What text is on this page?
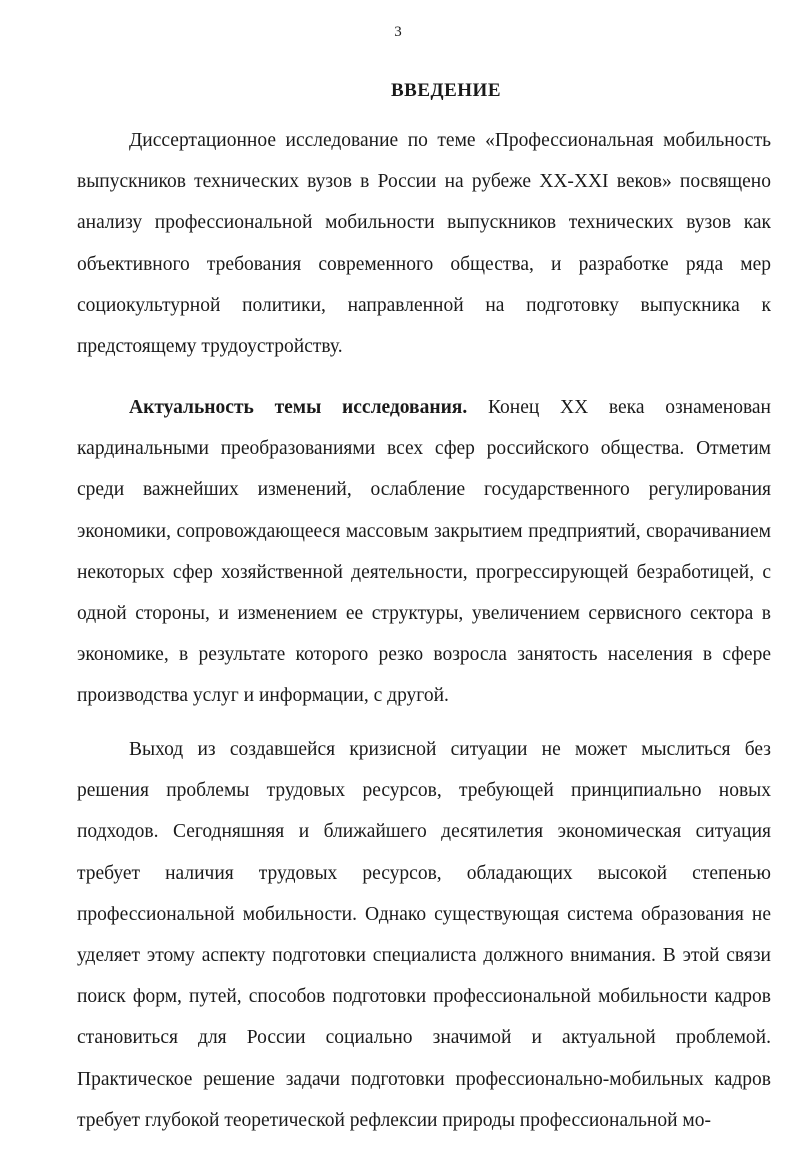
3
ВВЕДЕНИЕ

Диссертационное исследование по теме «Профессиональная мобильность выпускников технических вузов в России на рубеже XX-XXI веков» посвящено анализу профессиональной мобильности выпускников технических вузов как объективного требования современного общества, и разработке ряда мер социокультурной политики, направленной на подготовку выпускника к предстоящему трудоустройству.

Актуальность темы исследования. Конец XX века ознаменован кардинальными преобразованиями всех сфер российского общества. Отметим среди важнейших изменений, ослабление государственного регулирования экономики, сопровождающееся массовым закрытием предприятий, сворачиванием некоторых сфер хозяйственной деятельности, прогрессирующей безработицей, с одной стороны, и изменением ее структуры, увеличением сервисного сектора в экономике, в результате которого резко возросла занятость населения в сфере производства услуг и информации, с другой.

Выход из создавшейся кризисной ситуации не может мыслиться без решения проблемы трудовых ресурсов, требующей принципиально новых подходов. Сегодняшняя и ближайшего десятилетия экономическая ситуация требует наличия трудовых ресурсов, обладающих высокой степенью профессиональной мобильности. Однако существующая система образования не уделяет этому аспекту подготовки специалиста должного внимания. В этой связи поиск форм, путей, способов подготовки профессиональной мобильности кадров становиться для России социально значимой и актуальной проблемой. Практическое решение задачи подготовки профессионально-мобильных кадров требует глубокой теоретической рефлексии природы профессиональной мо-
